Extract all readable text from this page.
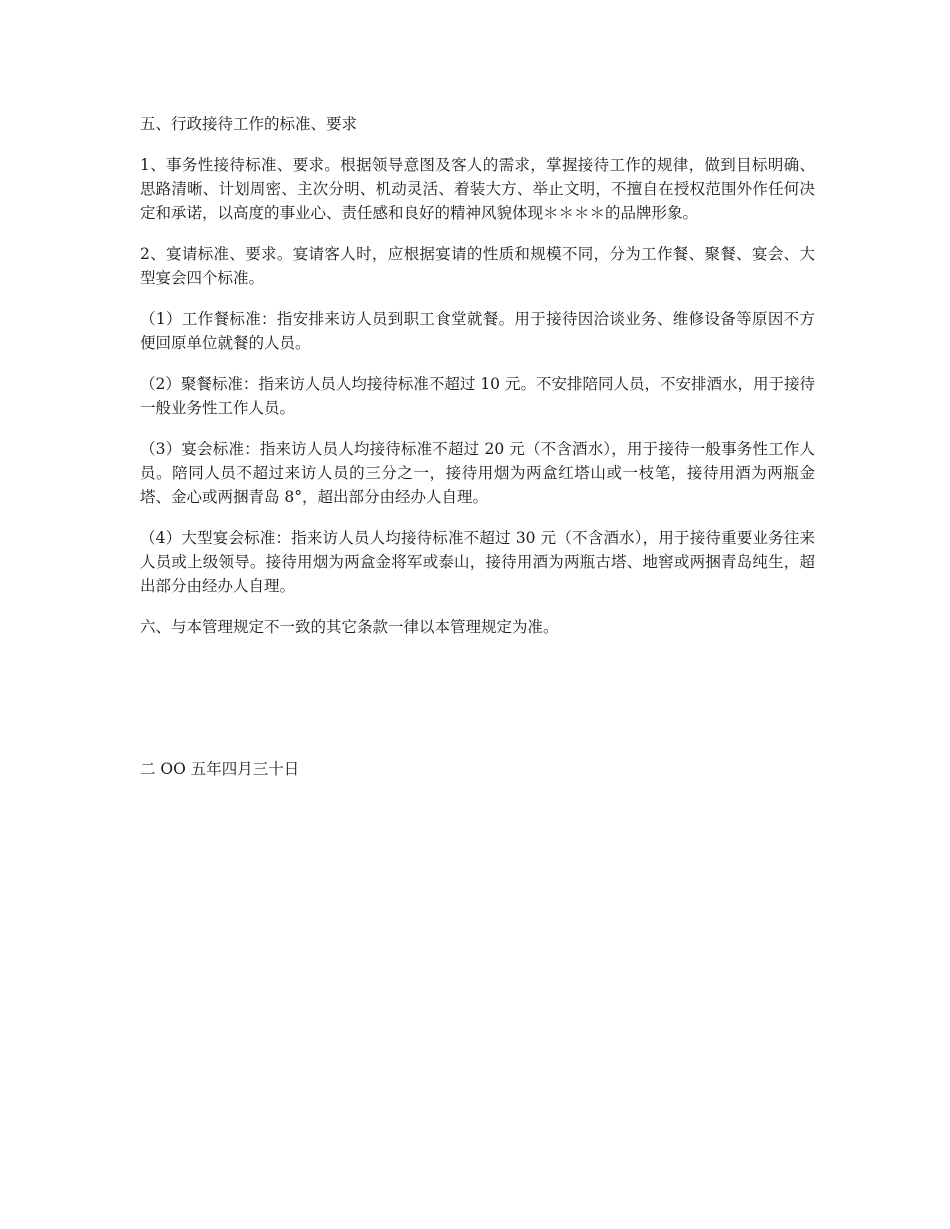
五、行政接待工作的标准、要求

1、事务性接待标准、要求。根据领导意图及客人的需求，掌握接待工作的规律，做到目标明确、思路清晰、计划周密、主次分明、机动灵活、着装大方、举止文明，不擅自在授权范围外作任何决定和承诺，以高度的事业心、责任感和良好的精神风貌体现＊＊＊＊的品牌形象。

2、宴请标准、要求。宴请客人时，应根据宴请的性质和规模不同，分为工作餐、聚餐、宴会、大型宴会四个标准。

（1）工作餐标准：指安排来访人员到职工食堂就餐。用于接待因洽谈业务、维修设备等原因不方便回原单位就餐的人员。

（2）聚餐标准：指来访人员人均接待标准不超过 10 元。不安排陪同人员，不安排酒水，用于接待一般业务性工作人员。

（3）宴会标准：指来访人员人均接待标准不超过 20 元（不含酒水），用于接待一般事务性工作人员。陪同人员不超过来访人员的三分之一，接待用烟为两盒红塔山或一枝笔，接待用酒为两瓶金塔、金心或两捆青岛 8°，超出部分由经办人自理。

（4）大型宴会标准：指来访人员人均接待标准不超过 30 元（不含酒水），用于接待重要业务往来人员或上级领导。接待用烟为两盒金将军或泰山，接待用酒为两瓶古塔、地窖或两捆青岛纯生，超出部分由经办人自理。

六、与本管理规定不一致的其它条款一律以本管理规定为准。

二 OO 五年四月三十日
